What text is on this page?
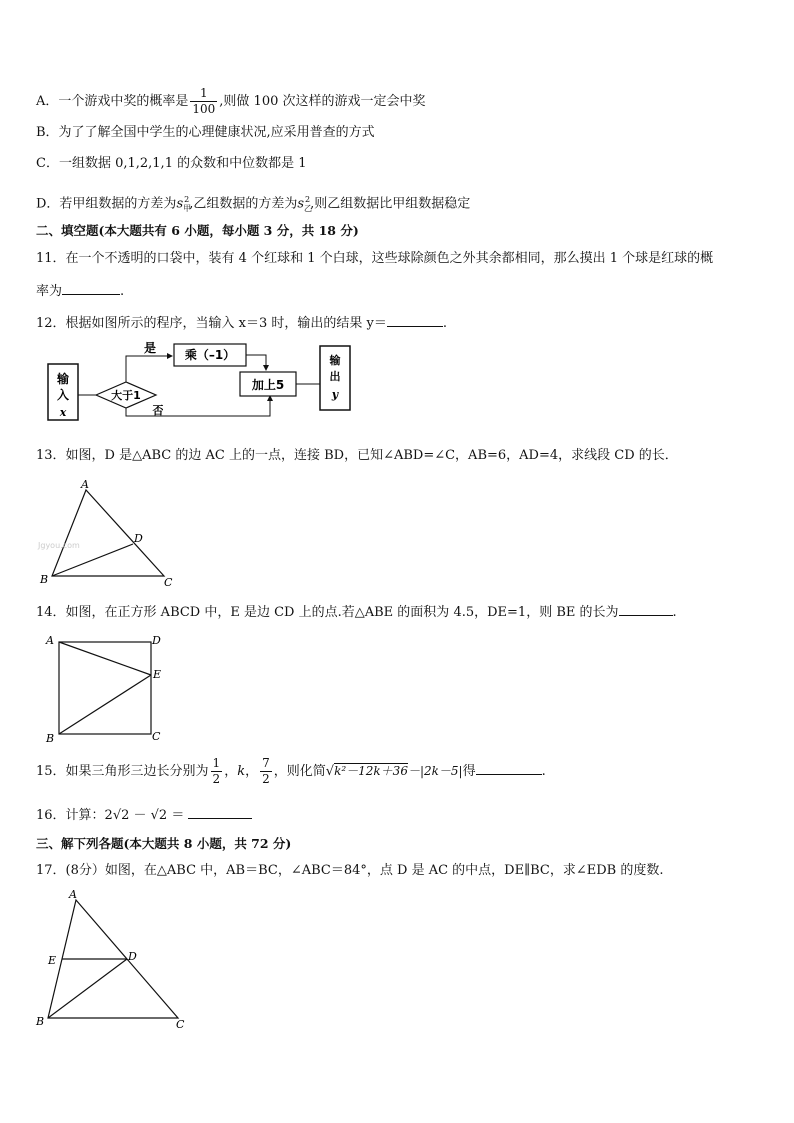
A．一个游戏中奖的概率是 $\frac{1}{100}$ ,则做 100 次这样的游戏一定会中奖
B．为了了解全国中学生的心理健康状况,应采用普查的方式
C．一组数据 0,1,2,1,1 的众数和中位数都是 1
D．若甲组数据的方差为$s_甲^2$,乙组数据的方差为$s_乙^2$,则乙组数据比甲组数据稳定
二、填空题(本大题共有 6 小题，每小题 3 分，共 18 分)
11．在一个不透明的口袋中，装有 4 个红球和 1 个白球，这些球除颜色之外其余都相同，那么摸出 1 个球是红球的概
率为	.
12．根据如图所示的程序，当输入 x＝3 时，输出的结果 y＝	.
输
入
x
大于1
是
否
乘（–1）
加上5
输
出
y
13．如图，D 是△ABC 的边 AC 上的一点，连接 BD，已知∠ABD=∠C，AB=6，AD=4，求线段 CD 的长．
A
B	C
D
Jgyou.com
14．如图，在正方形 ABCD 中，E 是边 CD 上的点.若△ABE 的面积为 4.5，DE=1，则 BE 的长为	.
A	D
E
B	C
15．如果三角形三边长分别为 $\frac{1}{2}$ ，k， $\frac{7}{2}$ ，则化简√k²－12k＋36－|2k－5|得	.
16．计算：2√2 － √2 ＝
三、解下列各题(本大题共 8 小题，共 72 分)
17．(8分）如图，在△ABC 中，AB＝BC，∠ABC＝84°，点 D 是 AC 的中点，DE∥BC，求∠EDB 的度数.
A
E	D
B	C
